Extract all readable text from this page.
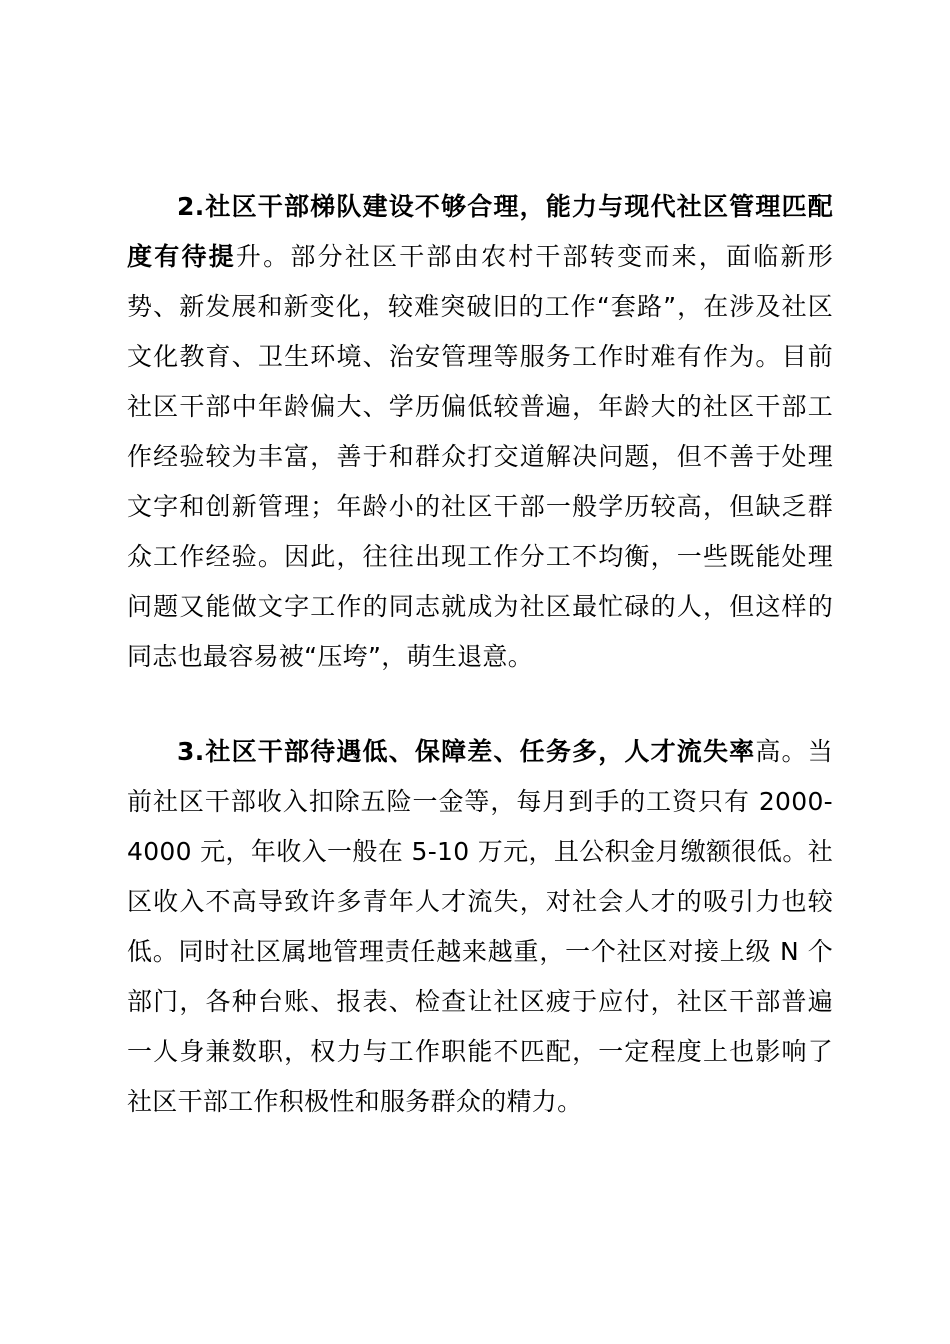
2.社区干部梯队建设不够合理，能力与现代社区管理匹配度有待提升。部分社区干部由农村干部转变而来，面临新形势、新发展和新变化，较难突破旧的工作“套路”，在涉及社区文化教育、卫生环境、治安管理等服务工作时难有作为。目前社区干部中年龄偏大、学历偏低较普遍，年龄大的社区干部工作经验较为丰富，善于和群众打交道解决问题，但不善于处理文字和创新管理；年龄小的社区干部一般学历较高，但缺乏群众工作经验。因此，往往出现工作分工不均衡，一些既能处理问题又能做文字工作的同志就成为社区最忙碌的人，但这样的同志也最容易被“压垮”，萌生退意。

3.社区干部待遇低、保障差、任务多，人才流失率高。当前社区干部收入扣除五险一金等，每月到手的工资只有 2000-4000 元，年收入一般在 5-10 万元，且公积金月缴额很低。社区收入不高导致许多青年人才流失，对社会人才的吸引力也较低。同时社区属地管理责任越来越重，一个社区对接上级 N 个部门，各种台账、报表、检查让社区疲于应付，社区干部普遍一人身兼数职，权力与工作职能不匹配，一定程度上也影响了社区干部工作积极性和服务群众的精力。
